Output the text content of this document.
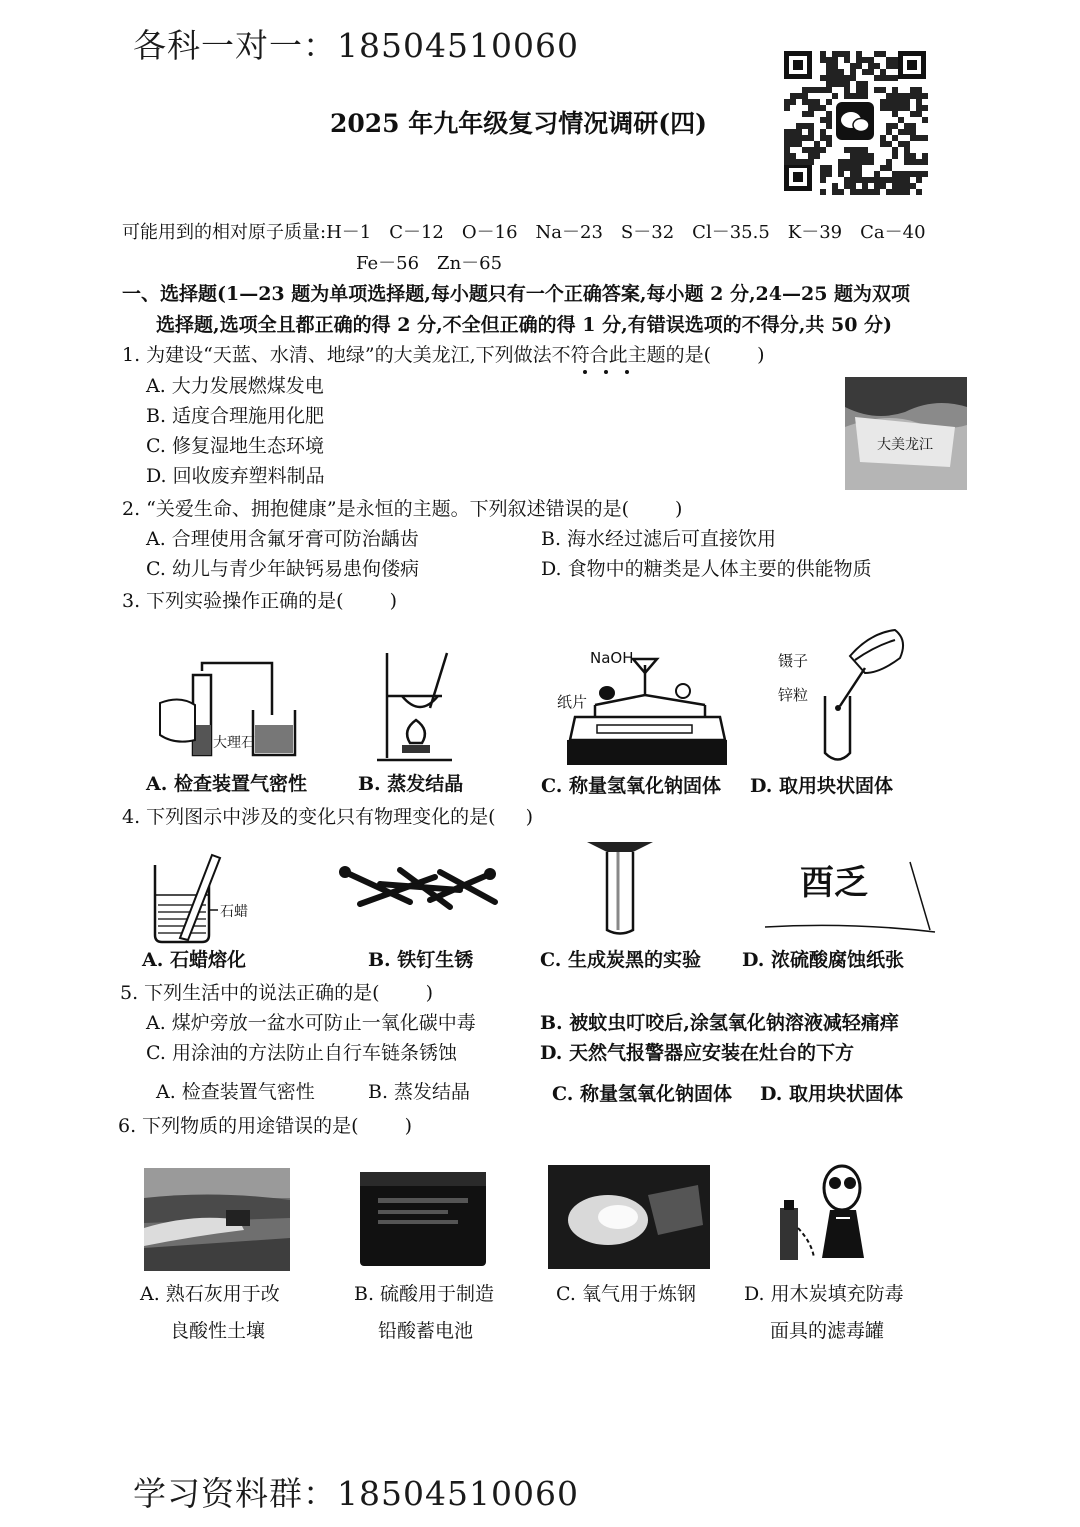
各科一对一：18504510060
2025 年九年级复习情况调研(四)
可能用到的相对原子质量:H－1　C－12　O－16　Na－23　S－32　Cl－35.5　K－39　Ca－40
Fe－56　Zn－65
一、选择题(1—23 题为单项选择题,每小题只有一个正确答案,每小题 2 分,24—25 题为双项
选择题,选项全且都正确的得 2 分,不全但正确的得 1 分,有错误选项的不得分,共 50 分)
1. 为建设“天蓝、水清、地绿”的大美龙江,下列做法不符合此主题的是( )
A. 大力发展燃煤发电
B. 适度合理施用化肥
C. 修复湿地生态环境
D. 回收废弃塑料制品
大美龙江
2. “关爱生命、拥抱健康”是永恒的主题。下列叙述错误的是( )
A. 合理使用含氟牙膏可防治龋齿	B. 海水经过滤后可直接饮用
C. 幼儿与青少年缺钙易患佝偻病	D. 食物中的糖类是人体主要的供能物质
3. 下列实验操作正确的是( )
大理石
NaOH
纸片
镊子
锌粒
A. 检查装置气密性	B. 蒸发结晶	C. 称量氢氧化钠固体 D. 取用块状固体
4. 下列图示中涉及的变化只有物理变化的是( )
石蜡
酉乏
A. 石蜡熔化	B. 铁钉生锈	C. 生成炭黑的实验 D. 浓硫酸腐蚀纸张
5. 下列生活中的说法正确的是( )
A. 煤炉旁放一盆水可防止一氧化碳中毒	B. 被蚊虫叮咬后,涂氢氧化钠溶液减轻痛痒
C. 用涂油的方法防止自行车链条锈蚀	D. 天然气报警器应安装在灶台的下方
A. 检查装置气密性	B. 蒸发结晶	C. 称量氢氧化钠固体 D. 取用块状固体
6. 下列物质的用途错误的是( )
A. 熟石灰用于改
良酸性土壤
B. 硫酸用于制造
铅酸蓄电池
C. 氧气用于炼钢	D. 用木炭填充防毒
面具的滤毒罐
学习资料群：18504510060
